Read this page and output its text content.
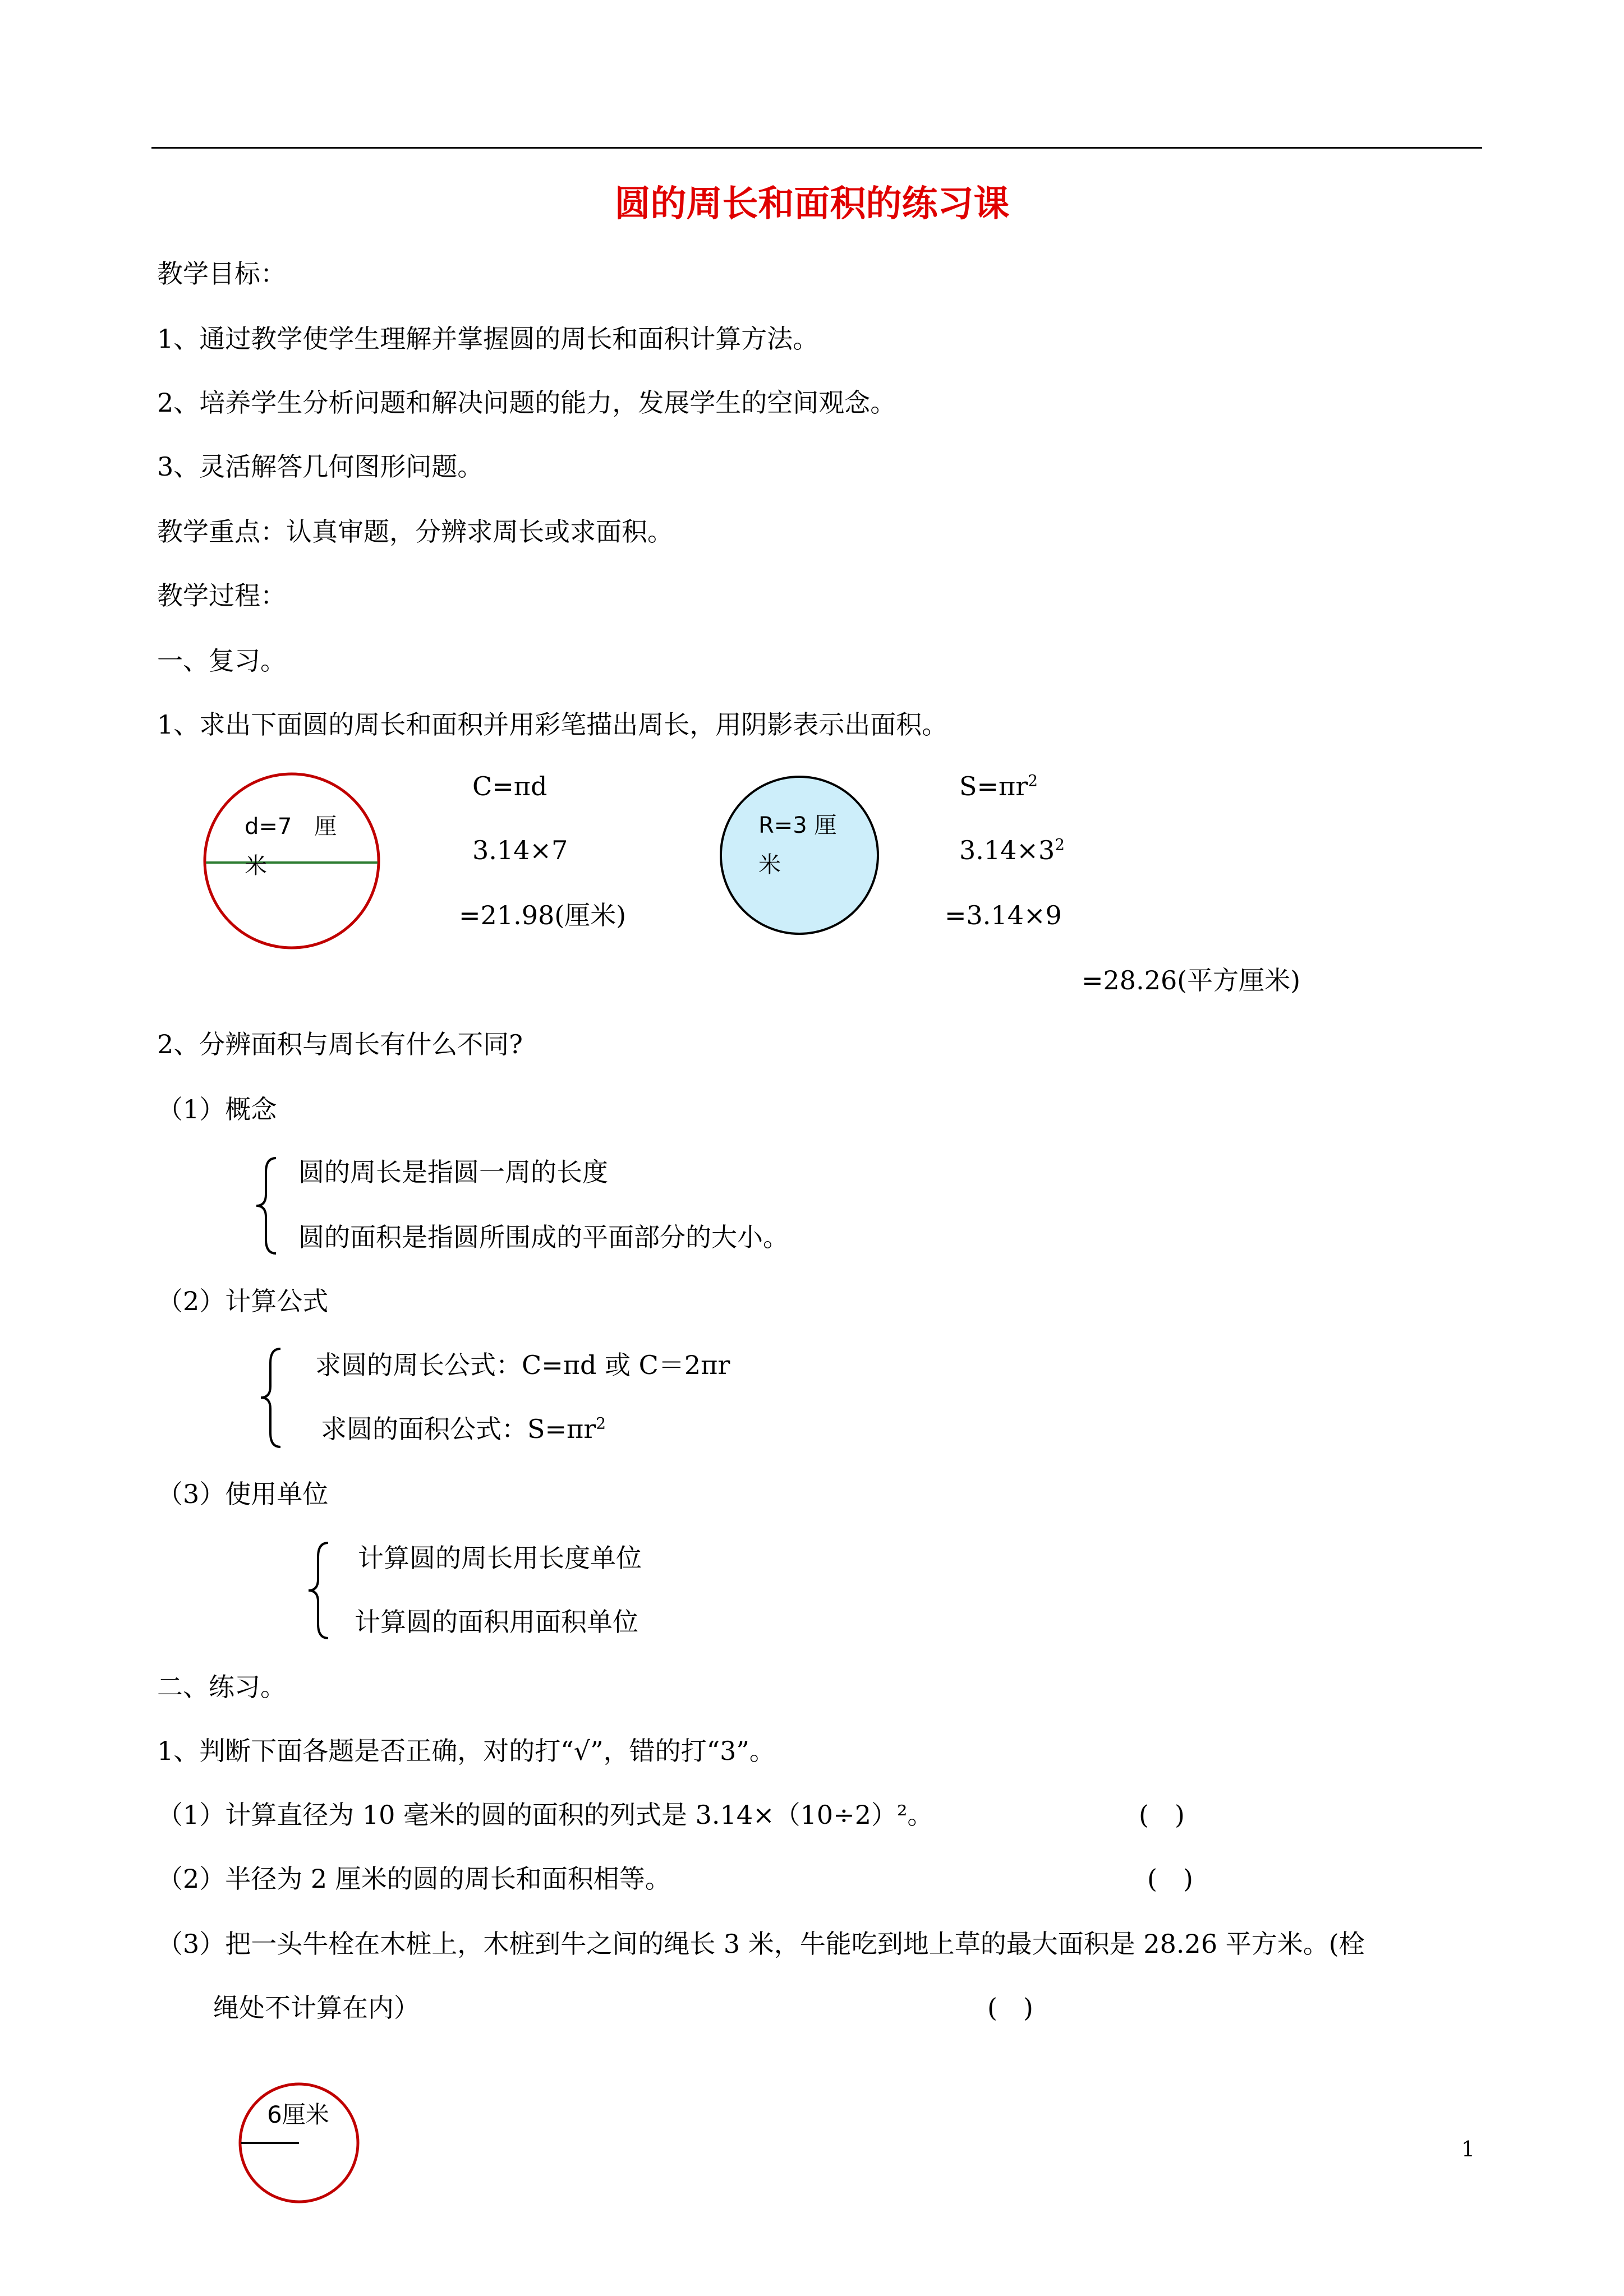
圆的周长和面积的练习课
教学目标：
1、通过教学使学生理解并掌握圆的周长和面积计算方法。
2、培养学生分析问题和解决问题的能力，发展学生的空间观念。
3、灵活解答几何图形问题。
教学重点：认真审题，分辨求周长或求面积。
教学过程：
一、复习。
1、求出下面圆的周长和面积并用彩笔描出周长，用阴影表示出面积。
d=7　厘
米
C=πd
3.14×7
=21.98(厘米)
R=3 厘
米
$S=\pi r^2$
$3.14\times 3^2$
=3.14×9
=28.26(平方厘米)
2、分辨面积与周长有什么不同?
（1）概念
圆的周长是指圆一周的长度
圆的面积是指圆所围成的平面部分的大小。
（2）计算公式
求圆的周长公式：C=πd 或 C＝2πr
求圆的面积公式：$S=\pi r^2$
（3）使用单位
计算圆的周长用长度单位
计算圆的面积用面积单位
二、练习。
1、判断下面各题是否正确，对的打“√”，错的打“3”。
（1）计算直径为 10 毫米的圆的面积的列式是 3.14×（10÷2）²。	(　)
（2）半径为 2 厘米的圆的周长和面积相等。	(　)
（3）把一头牛栓在木桩上，木桩到牛之间的绳长 3 米，牛能吃到地上草的最大面积是 28.26 平方米。(栓
绳处不计算在内）	(　)
6厘米
1
